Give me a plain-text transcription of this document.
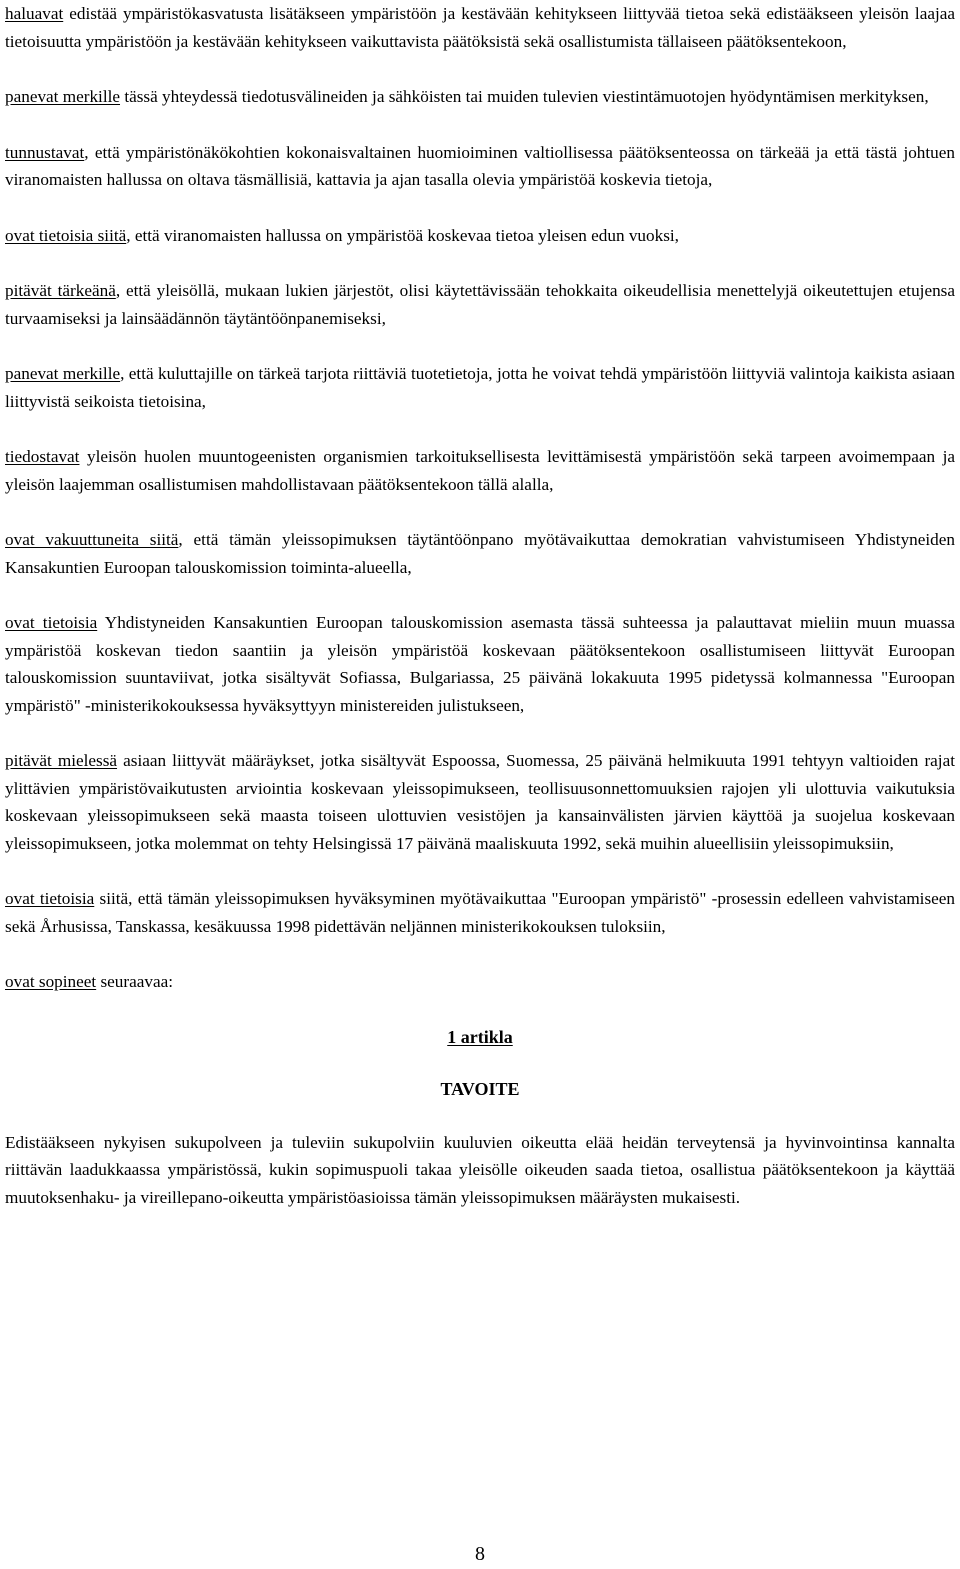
haluavat edistää ympäristökasvatusta lisätäkseen ympäristöön ja kestävään kehitykseen liittyvää tietoa sekä edistääkseen yleisön laajaa tietoisuutta ympäristöön ja kestävään kehitykseen vaikuttavista päätöksistä sekä osallistumista tällaiseen päätöksentekoon,

panevat merkille tässä yhteydessä tiedotusvälineiden ja sähköisten tai muiden tulevien viestintämuotojen hyödyntämisen merkityksen,

tunnustavat, että ympäristönäkökohtien kokonaisvaltainen huomioiminen valtiollisessa päätöksenteossa on tärkeää ja että tästä johtuen viranomaisten hallussa on oltava täsmällisiä, kattavia ja ajan tasalla olevia ympäristöä koskevia tietoja,

ovat tietoisia siitä, että viranomaisten hallussa on ympäristöä koskevaa tietoa yleisen edun vuoksi,

pitävät tärkeänä, että yleisöllä, mukaan lukien järjestöt, olisi käytettävissään tehokkaita oikeudellisia menettelyjä oikeutettujen etujensa turvaamiseksi ja lainsäädännön täytäntöönpanemiseksi,

panevat merkille, että kuluttajille on tärkeä tarjota riittäviä tuotetietoja, jotta he voivat tehdä ympäristöön liittyviä valintoja kaikista asiaan liittyvistä seikoista tietoisina,

tiedostavat yleisön huolen muuntogeenisten organismien tarkoituksellisesta levittämisestä ympäristöön sekä tarpeen avoimempaan ja yleisön laajemman osallistumisen mahdollistavaan päätöksentekoon tällä alalla,

ovat vakuuttuneita siitä, että tämän yleissopimuksen täytäntöönpano myötävaikuttaa demokratian vahvistumiseen Yhdistyneiden Kansakuntien Euroopan talouskomission toiminta-alueella,

ovat tietoisia Yhdistyneiden Kansakuntien Euroopan talouskomission asemasta tässä suhteessa ja palauttavat mieliin muun muassa ympäristöä koskevan tiedon saantiin ja yleisön ympäristöä koskevaan päätöksentekoon osallistumiseen liittyvät Euroopan talouskomission suuntaviivat, jotka sisältyvät Sofiassa, Bulgariassa, 25 päivänä lokakuuta 1995 pidetyssä kolmannessa "Euroopan ympäristö" -ministerikokouksessa hyväksyttyyn ministereiden julistukseen,

pitävät mielessä asiaan liittyvät määräykset, jotka sisältyvät Espoossa, Suomessa, 25 päivänä helmikuuta 1991 tehtyyn valtioiden rajat ylittävien ympäristövaikutusten arviointia koskevaan yleissopimukseen, teollisuusonnettomuuksien rajojen yli ulottuvia vaikutuksia koskevaan yleissopimukseen sekä maasta toiseen ulottuvien vesistöjen ja kansainvälisten järvien käyttöä ja suojelua koskevaan yleissopimukseen, jotka molemmat on tehty Helsingissä 17 päivänä maaliskuuta 1992, sekä muihin alueellisiin yleissopimuksiin,

ovat tietoisia siitä, että tämän yleissopimuksen hyväksyminen myötävaikuttaa "Euroopan ympäristö" -prosessin edelleen vahvistamiseen sekä Århusissa, Tanskassa, kesäkuussa 1998 pidettävän neljännen ministerikokouksen tuloksiin,

ovat sopineet seuraavaa:

1 artikla

TAVOITE

Edistääkseen nykyisen sukupolveen ja tuleviin sukupolviin kuuluvien oikeutta elää heidän terveytensä ja hyvinvointinsa kannalta riittävän laadukkaassa ympäristössä, kukin sopimuspuoli takaa yleisölle oikeuden saada tietoa, osallistua päätöksentekoon ja käyttää muutoksenhaku- ja vireillepano-oikeutta ympäristöasioissa tämän yleissopimuksen määräysten mukaisesti.

8
